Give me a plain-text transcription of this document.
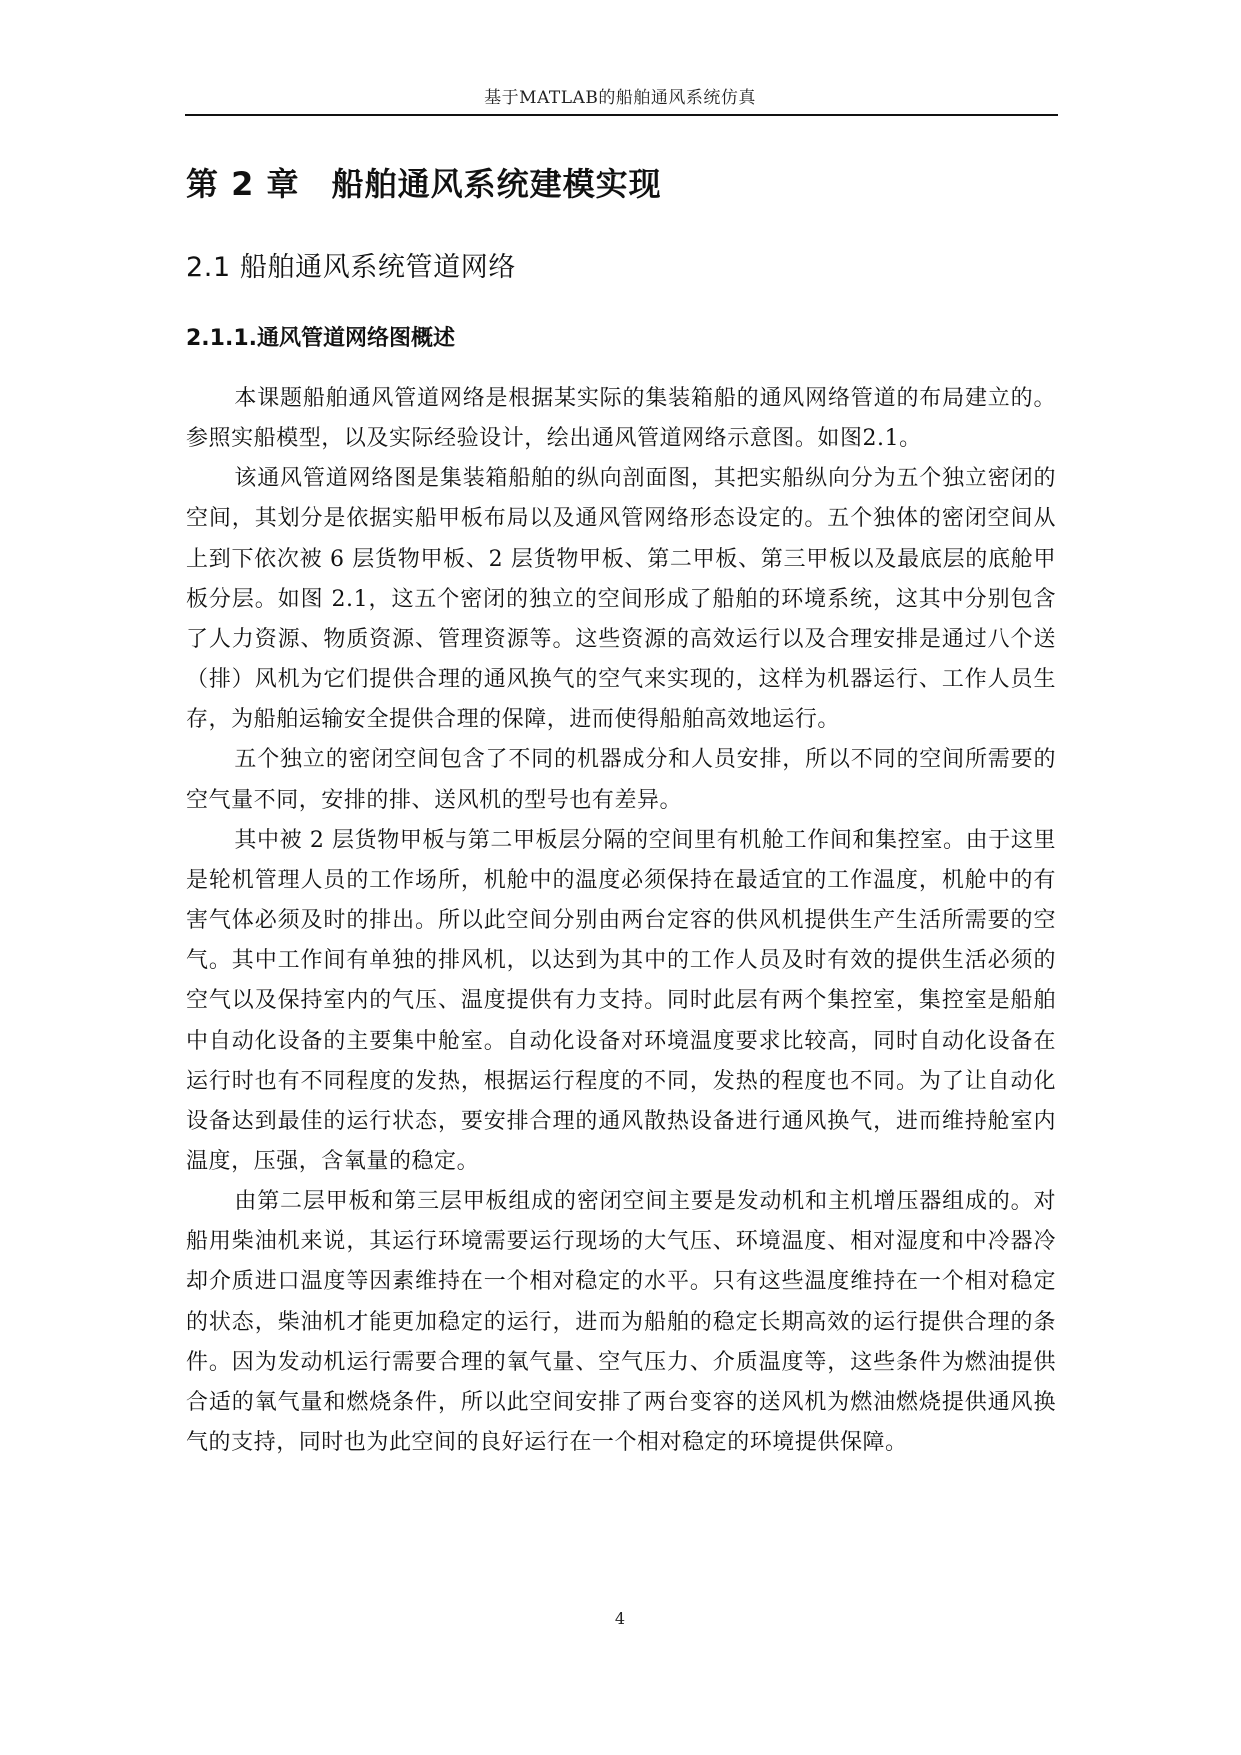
基于MATLAB的船舶通风系统仿真
第 2 章 船舶通风系统建模实现
2.1 船舶通风系统管道网络
2.1.1.通风管道网络图概述

本课题船舶通风管道网络是根据某实际的集装箱船的通风网络管道的布局建立的。参照实船模型，以及实际经验设计，绘出通风管道网络示意图。如图2.1。

该通风管道网络图是集装箱船舶的纵向剖面图，其把实船纵向分为五个独立密闭的空间，其划分是依据实船甲板布局以及通风管网络形态设定的。五个独体的密闭空间从上到下依次被 6 层货物甲板、2 层货物甲板、第二甲板、第三甲板以及最底层的底舱甲板分层。如图 2.1，这五个密闭的独立的空间形成了船舶的环境系统，这其中分别包含了人力资源、物质资源、管理资源等。这些资源的高效运行以及合理安排是通过八个送（排）风机为它们提供合理的通风换气的空气来实现的，这样为机器运行、工作人员生存，为船舶运输安全提供合理的保障，进而使得船舶高效地运行。

五个独立的密闭空间包含了不同的机器成分和人员安排，所以不同的空间所需要的空气量不同，安排的排、送风机的型号也有差异。

其中被 2 层货物甲板与第二甲板层分隔的空间里有机舱工作间和集控室。由于这里是轮机管理人员的工作场所，机舱中的温度必须保持在最适宜的工作温度，机舱中的有害气体必须及时的排出。所以此空间分别由两台定容的供风机提供生产生活所需要的空气。其中工作间有单独的排风机，以达到为其中的工作人员及时有效的提供生活必须的空气以及保持室内的气压、温度提供有力支持。同时此层有两个集控室，集控室是船舶中自动化设备的主要集中舱室。自动化设备对环境温度要求比较高，同时自动化设备在运行时也有不同程度的发热，根据运行程度的不同，发热的程度也不同。为了让自动化设备达到最佳的运行状态，要安排合理的通风散热设备进行通风换气，进而维持舱室内温度，压强，含氧量的稳定。

由第二层甲板和第三层甲板组成的密闭空间主要是发动机和主机增压器组成的。对船用柴油机来说，其运行环境需要运行现场的大气压、环境温度、相对湿度和中冷器冷却介质进口温度等因素维持在一个相对稳定的水平。只有这些温度维持在一个相对稳定的状态，柴油机才能更加稳定的运行，进而为船舶的稳定长期高效的运行提供合理的条件。因为发动机运行需要合理的氧气量、空气压力、介质温度等，这些条件为燃油提供合适的氧气量和燃烧条件，所以此空间安排了两台变容的送风机为燃油燃烧提供通风换气的支持，同时也为此空间的良好运行在一个相对稳定的环境提供保障。

4
